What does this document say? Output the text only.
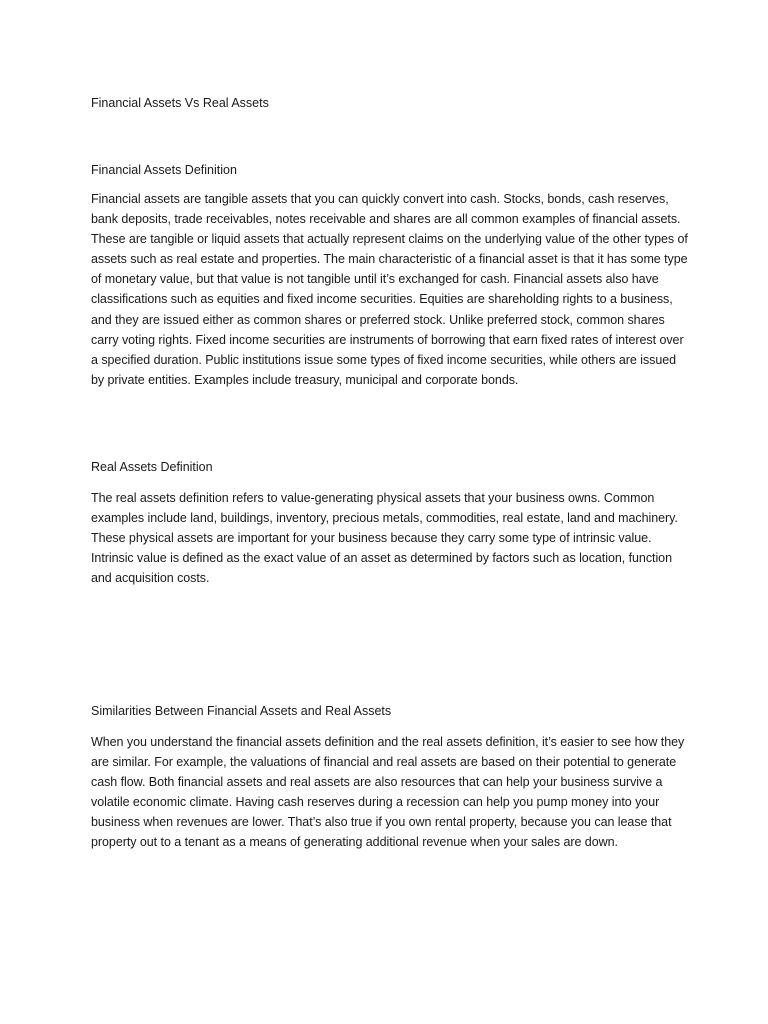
Financial Assets Vs Real Assets

Financial Assets Definition

Financial assets are tangible assets that you can quickly convert into cash. Stocks, bonds, cash reserves, bank deposits, trade receivables, notes receivable and shares are all common examples of financial assets. These are tangible or liquid assets that actually represent claims on the underlying value of the other types of assets such as real estate and properties. The main characteristic of a financial asset is that it has some type of monetary value, but that value is not tangible until it’s exchanged for cash. Financial assets also have classifications such as equities and fixed income securities. Equities are shareholding rights to a business, and they are issued either as common shares or preferred stock. Unlike preferred stock, common shares carry voting rights. Fixed income securities are instruments of borrowing that earn fixed rates of interest over a specified duration. Public institutions issue some types of fixed income securities, while others are issued by private entities. Examples include treasury, municipal and corporate bonds.

Real Assets Definition

The real assets definition refers to value-generating physical assets that your business owns. Common examples include land, buildings, inventory, precious metals, commodities, real estate, land and machinery. These physical assets are important for your business because they carry some type of intrinsic value. Intrinsic value is defined as the exact value of an asset as determined by factors such as location, function and acquisition costs.

Similarities Between Financial Assets and Real Assets

When you understand the financial assets definition and the real assets definition, it’s easier to see how they are similar. For example, the valuations of financial and real assets are based on their potential to generate cash flow. Both financial assets and real assets are also resources that can help your business survive a volatile economic climate. Having cash reserves during a recession can help you pump money into your business when revenues are lower. That’s also true if you own rental property, because you can lease that property out to a tenant as a means of generating additional revenue when your sales are down.
